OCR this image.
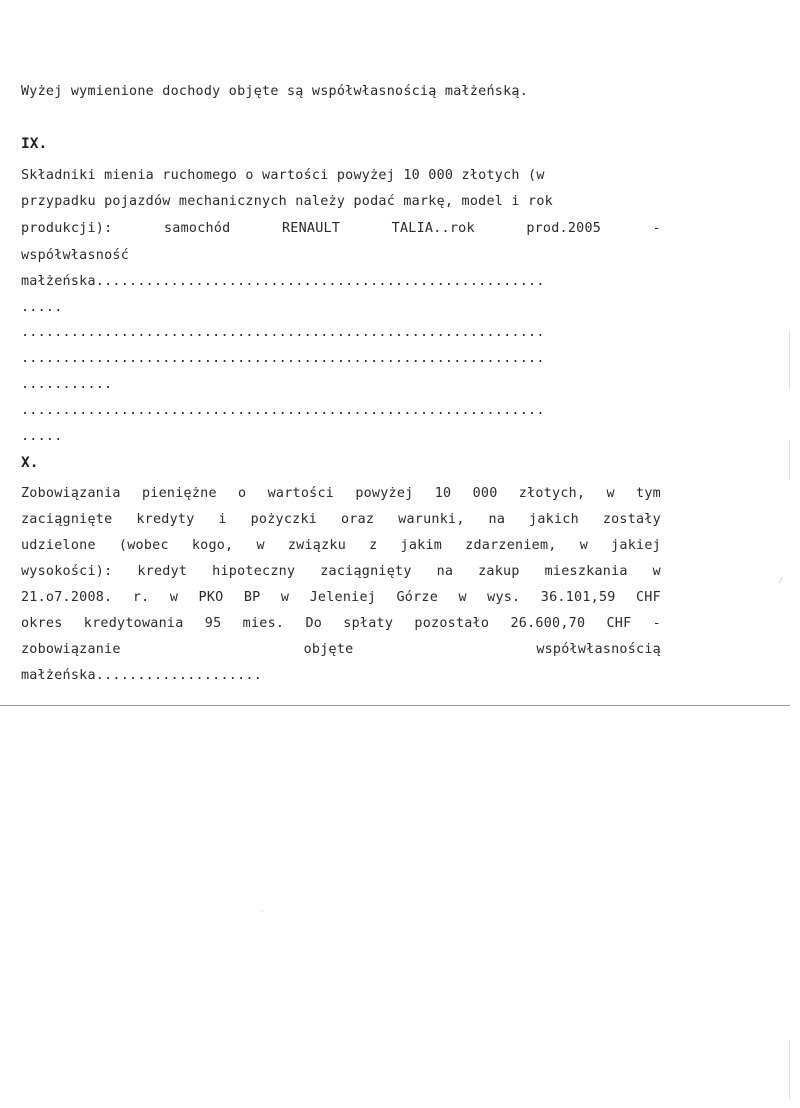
Wyżej wymienione dochody objęte są współwłasnością małżeńską.
IX.
Składniki mienia ruchomego o wartości powyżej 10 000 złotych (w
przypadku pojazdów mechanicznych należy podać markę, model i rok
produkcji):	samochód	RENAULT	TALIA..rok	prod.2005	-
współwłasność
małżeńska......................................................
.....
...............................................................
...............................................................
...........
...............................................................
.....
X.
Zobowiązania pieniężne o wartości powyżej 10 000 złotych, w tym
zaciągnięte kredyty i pożyczki oraz warunki, na jakich zostały
udzielone (wobec kogo, w związku z jakim zdarzeniem, w jakiej
wysokości): kredyt hipoteczny zaciągnięty na zakup mieszkania w
21.o7.2008. r. w PKO BP w Jeleniej Górze w wys. 36.101,59 CHF
okres kredytowania 95 mies. Do spłaty pozostało 26.600,70 CHF -
zobowiązanie	objęte	współwłasnością
małżeńska....................
⁄
ˋ
